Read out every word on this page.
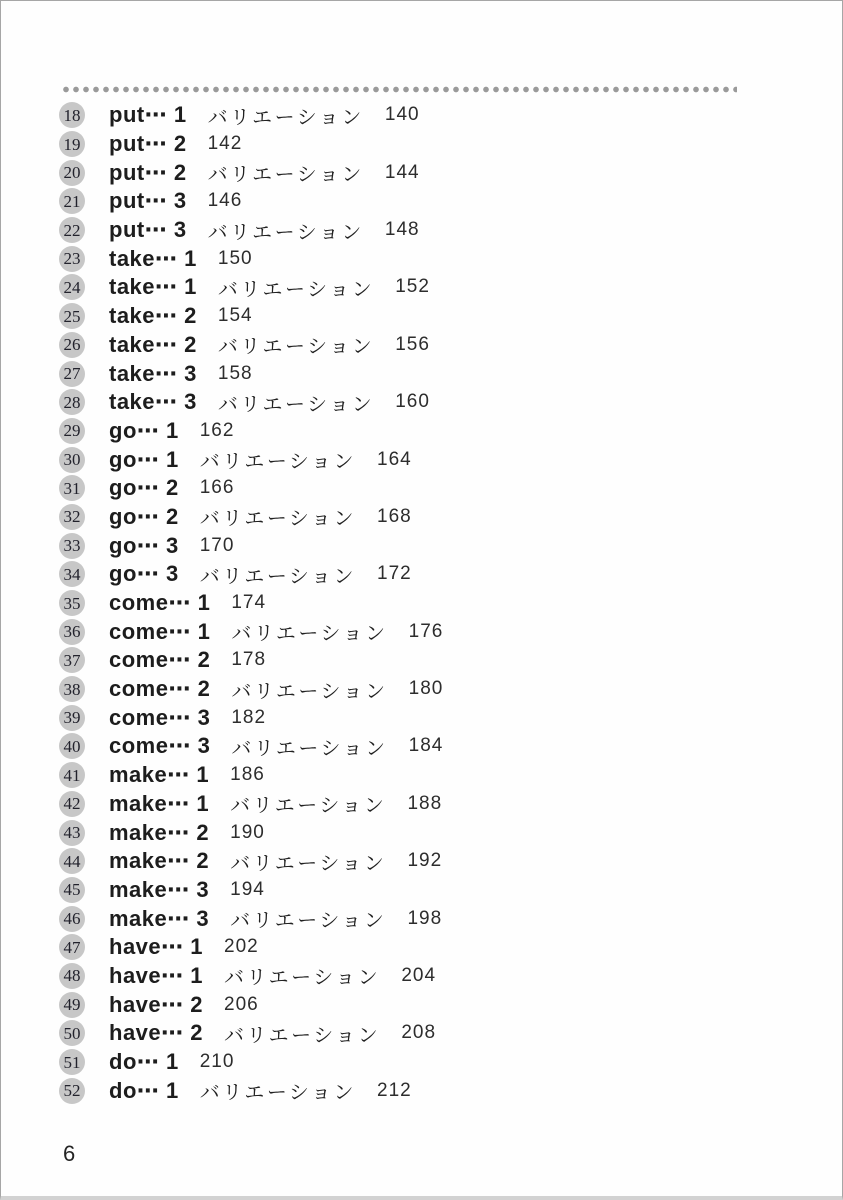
18 put⋯ 1 バリエーション 140
19 put⋯ 2 142
20 put⋯ 2 バリエーション 144
21 put⋯ 3 146
22 put⋯ 3 バリエーション 148
23 take⋯ 1 150
24 take⋯ 1 バリエーション 152
25 take⋯ 2 154
26 take⋯ 2 バリエーション 156
27 take⋯ 3 158
28 take⋯ 3 バリエーション 160
29 go⋯ 1 162
30 go⋯ 1 バリエーション 164
31 go⋯ 2 166
32 go⋯ 2 バリエーション 168
33 go⋯ 3 170
34 go⋯ 3 バリエーション 172
35 come⋯ 1 174
36 come⋯ 1 バリエーション 176
37 come⋯ 2 178
38 come⋯ 2 バリエーション 180
39 come⋯ 3 182
40 come⋯ 3 バリエーション 184
41 make⋯ 1 186
42 make⋯ 1 バリエーション 188
43 make⋯ 2 190
44 make⋯ 2 バリエーション 192
45 make⋯ 3 194
46 make⋯ 3 バリエーション 198
47 have⋯ 1 202
48 have⋯ 1 バリエーション 204
49 have⋯ 2 206
50 have⋯ 2 バリエーション 208
51 do⋯ 1 210
52 do⋯ 1 バリエーション 212
6
